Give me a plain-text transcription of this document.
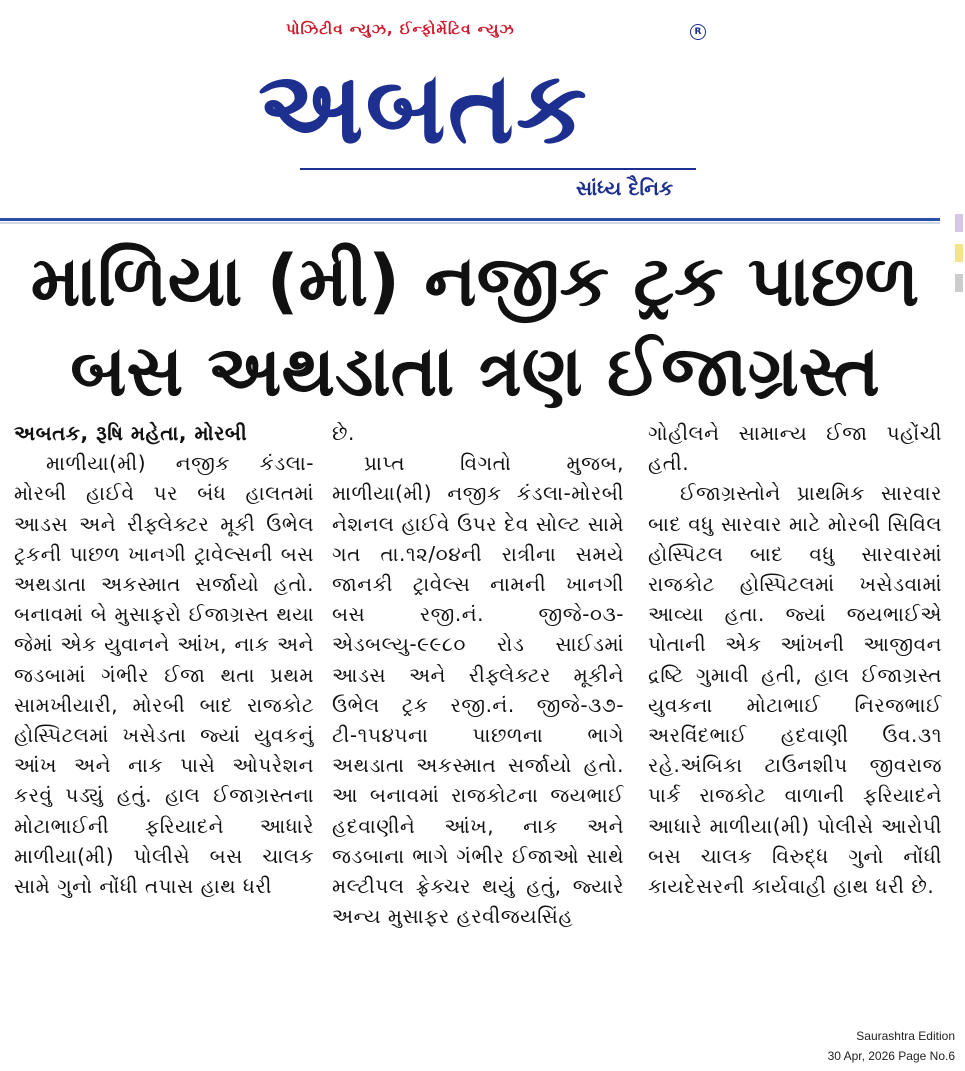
પોઝિટીવ ન્યુઝ, ઈન્ફોર્મેટિવ ન્યુઝ	R
અબતક
સાંધ્ય દૈનિક
માળિયા (મી) નજીક ટ્રક પાછળ
બસ અથડાતા ત્રણ ઈજાગ્રસ્ત

અબતક, રૂષિ મહેતા, મોરબી

માળીયા(મી) નજીક કંડલા-મોરબી હાઈવે પર બંધ હાલતમાં આડસ અને રીફ્લેક્ટર મૂકી ઉભેલ ટ્રકની પાછળ ખાનગી ટ્રાવેલ્સની બસ અથડાતા અકસ્માત સર્જાયો હતો. બનાવમાં બે મુસાફરો ઈજાગ્રસ્ત થયા જેમાં એક યુવાનને આંખ, નાક અને જડબામાં ગંભીર ઈજા થતા પ્રથમ સામખીયારી, મોરબી બાદ રાજકોટ હોસ્પિટલમાં ખસેડતા જ્યાં યુવકનું આંખ અને નાક પાસે ઓપરેશન કરવું પડ્યું હતું. હાલ ઈજાગ્રસ્તના મોટાભાઈની ફરિયાદને આધારે માળીયા(મી) પોલીસે બસ ચાલક સામે ગુનો નોંધી તપાસ હાથ ધરી

છે.

પ્રાપ્ત વિગતો મુજબ, માળીયા(મી) નજીક કંડલા-મોરબી નેશનલ હાઈવે ઉપર દેવ સોલ્ટ સામે ગત તા.૧૨/૦૪ની રાત્રીના સમયે જાનકી ટ્રાવેલ્સ નામની ખાનગી બસ રજી.નં. જીજે-૦૩-એડબલ્યુ-૯૯૮૦ રોડ સાઈડમાં આડસ અને રીફ્લેક્ટર મૂકીને ઉભેલ ટ્રક રજી.નં. જીજે-૩૭-ટી-૧૫૪૫ના પાછળના ભાગે અથડાતા અકસ્માત સર્જાયો હતો. આ બનાવમાં રાજકોટના જયભાઈ હદવાણીને આંખ, નાક અને જડબાના ભાગે ગંભીર ઈજાઓ સાથે મલ્ટીપલ ફ્રેક્ચર થયું હતું, જ્યારે અન્ય મુસાફર હરવીજયસિંહ

ગોહીલને સામાન્ય ઈજા પહોંચી હતી.

ઈજાગ્રસ્તોને પ્રાથમિક સારવાર બાદ વધુ સારવાર માટે મોરબી સિવિલ હોસ્પિટલ બાદ વધુ સારવારમાં રાજકોટ હોસ્પિટલમાં ખસેડવામાં આવ્યા હતા. જ્યાં જયભાઈએ પોતાની એક આંખની આજીવન દ્રષ્ટિ ગુમાવી હતી, હાલ ઈજાગ્રસ્ત યુવકના મોટાભાઈ નિરજભાઈ અરવિંદભાઈ હદવાણી ઉવ.૩૧ રહે.અંબિકા ટાઉનશીપ જીવરાજ પાર્ક રાજકોટ વાળાની ફરિયાદને આધારે માળીયા(મી) પોલીસે આરોપી બસ ચાલક વિરુદ્ધ ગુનો નોંધી કાયદેસરની કાર્યવાહી હાથ ધરી છે.

Saurashtra Edition
30 Apr, 2026 Page No.6
